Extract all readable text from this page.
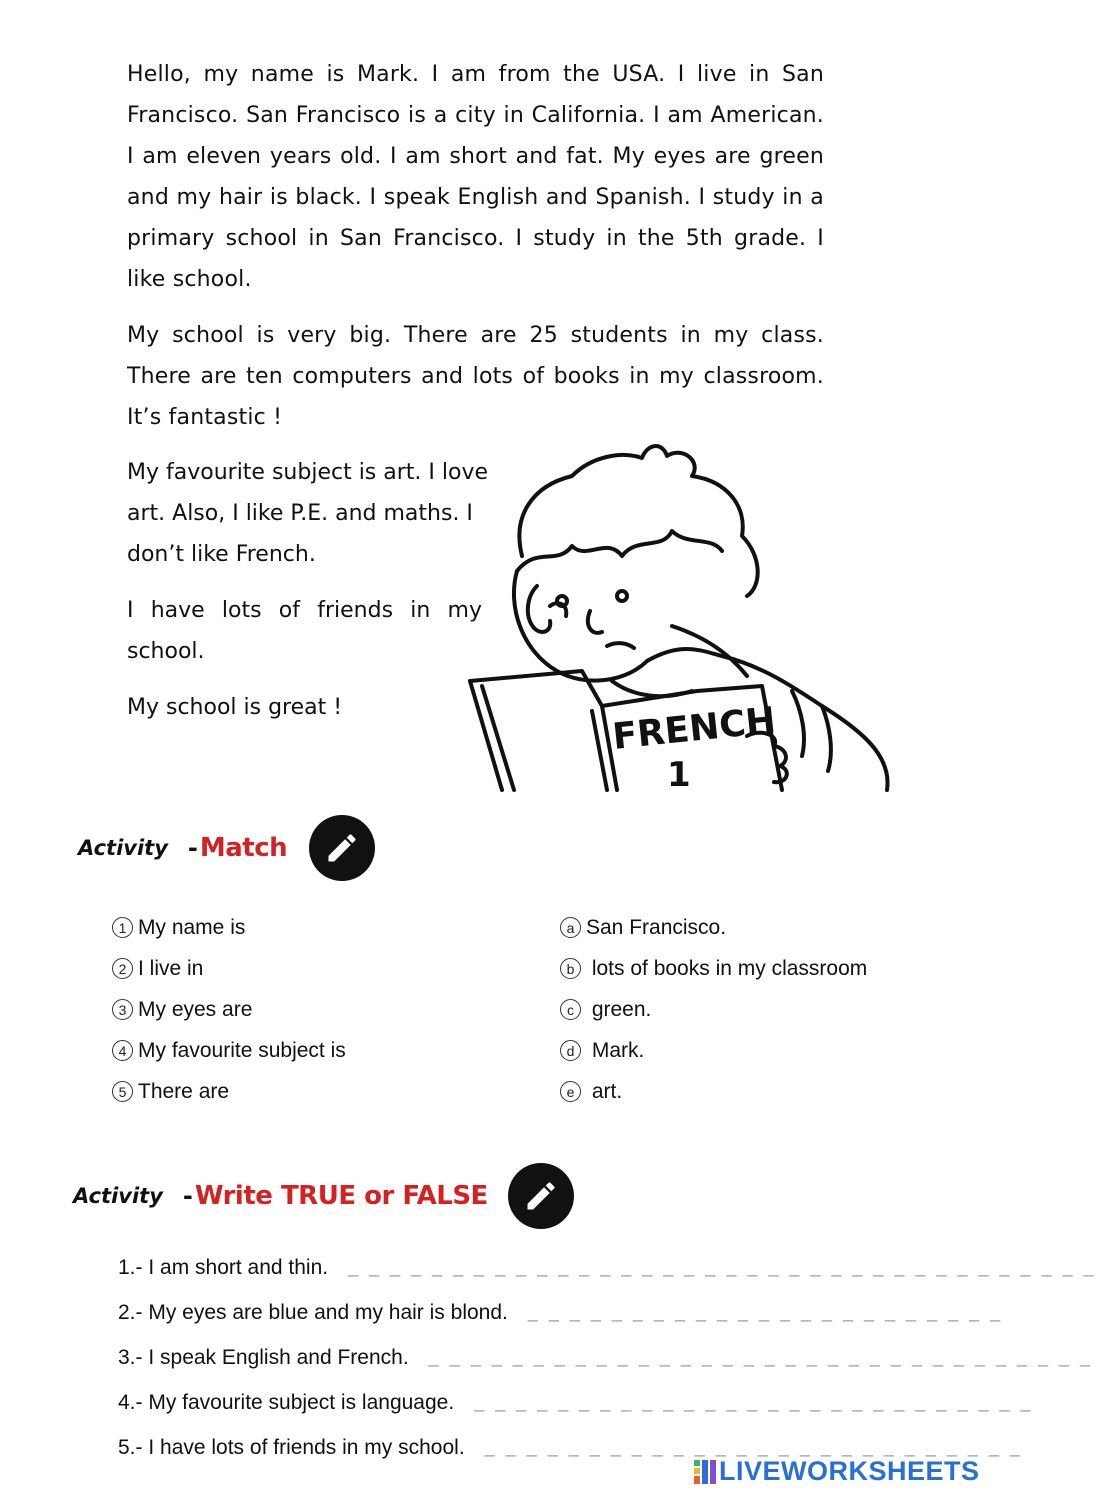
Hello, my name is Mark. I am from the USA. I live in San Francisco. San Francisco is a city in California. I am American. I am eleven years old. I am short and fat. My eyes are green and my hair is black. I speak English and Spanish. I study in a primary school in San Francisco. I study in the 5th grade. I like school.

My school is very big. There are 25 students in my class. There are ten computers and lots of books in my classroom. It’s fantastic !

My favourite subject is art. I love art. Also, I like P.E. and maths. I don’t like French.

I have lots of friends in my school.

My school is great !	FRENCH
1
Activity - Match
1 My name is
2 I live in
3 My eyes are
4 My favourite subject is
5 There are
a San Francisco.
b lots of books in my classroom
c green.
d Mark.
e art.
Activity - Write TRUE or FALSE
1.- I am short and thin. _ _ _ _ _ _ _ _ _ _ _ _ _ _ _ _ _ _ _ _ _ _ _ _ _ _ _ _ _ _ _ _ _ _ _ _
2.- My eyes are blue and my hair is blond. _ _ _ _ _ _ _ _ _ _ _ _ _ _ _ _ _ _ _ _ _ _ _
3.- I speak English and French. _ _ _ _ _ _ _ _ _ _ _ _ _ _ _ _ _ _ _ _ _ _ _ _ _ _ _ _ _ _ _ _
4.- My favourite subject is language. _ _ _ _ _ _ _ _ _ _ _ _ _ _ _ _ _ _ _ _ _ _ _ _ _ _ _
5.- I have lots of friends in my school. _ _ _ _ _ _ _ _ _ _ _ _ _ _ _ _ _ _ _ _ _ _ _ _ _ _
LIVEWORKSHEETS
